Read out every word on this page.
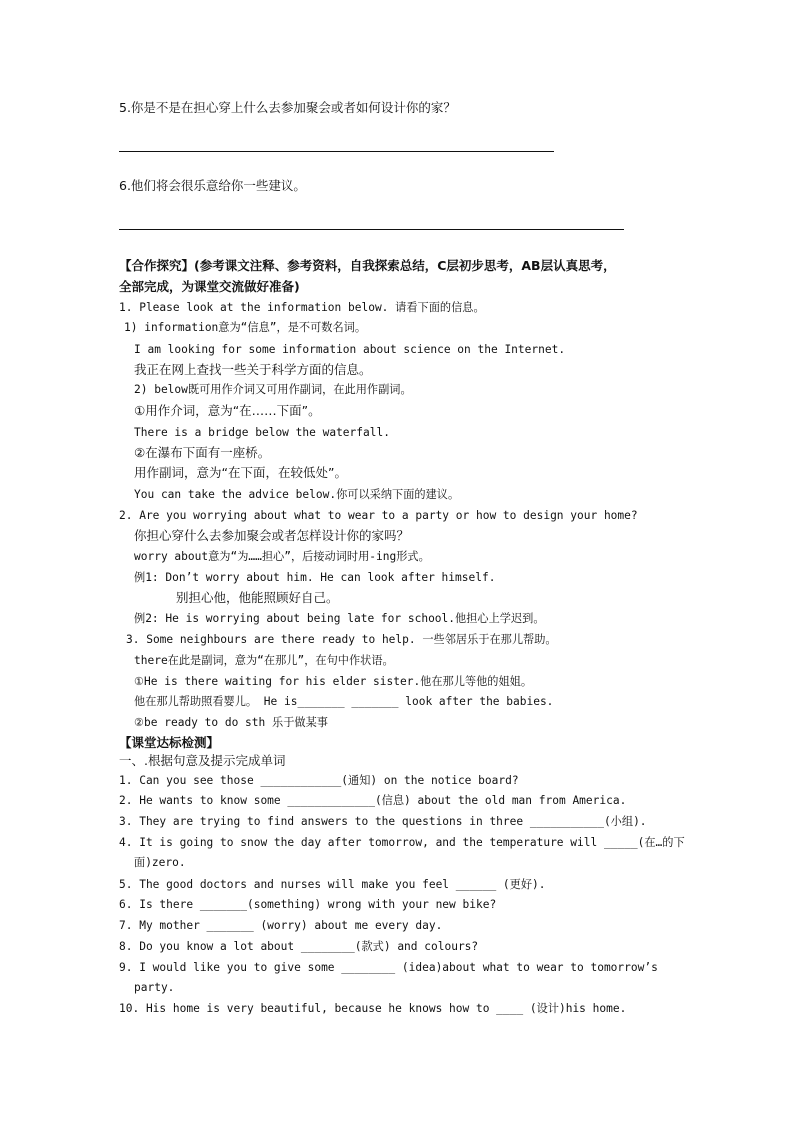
5.你是不是在担心穿上什么去参加聚会或者如何设计你的家？
6.他们将会很乐意给你一些建议。
【合作探究】(参考课文注释、参考资料，自我探索总结，C层初步思考，AB层认真思考，
全部完成，为课堂交流做好准备)
1. Please look at the information below. 请看下面的信息。
1) information意为“信息”，是不可数名词。
I am looking for some information about science on the Internet.
我正在网上查找一些关于科学方面的信息。
2) below既可用作介词又可用作副词，在此用作副词。
①用作介词，意为“在……下面”。
There is a bridge below the waterfall.
②在瀑布下面有一座桥。
用作副词，意为“在下面，在较低处”。
You can take the advice below.你可以采纳下面的建议。
2. Are you worrying about what to wear to a party or how to design your home?
你担心穿什么去参加聚会或者怎样设计你的家吗？
worry about意为“为……担心”，后接动词时用-ing形式。
例1: Don’t worry about him. He can look after himself.
别担心他，他能照顾好自己。
例2: He is worrying about being late for school.他担心上学迟到。
3. Some neighbours are there ready to help. 一些邻居乐于在那儿帮助。
there在此是副词，意为“在那儿”，在句中作状语。
①He is there waiting for his elder sister.他在那儿等他的姐姐。
他在那儿帮助照看婴儿。 He is_______ _______ look after the babies.
②be ready to do sth 乐于做某事
【课堂达标检测】
一、.根据句意及提示完成单词
1. Can you see those ____________(通知) on the notice board?
2. He wants to know some _____________(信息) about the old man from America.
3. They are trying to find answers to the questions in three ___________(小组).
4. It is going to snow the day after tomorrow, and the temperature will _____(在…的下
面)zero.
5. The good doctors and nurses will make you feel ______ (更好).
6. Is there _______(something) wrong with your new bike?
7. My mother _______ (worry) about me every day.
8. Do you know a lot about ________(款式) and colours?
9. I would like you to give some ________ (idea)about what to wear to tomorrow’s
party.
10. His home is very beautiful, because he knows how to ____ (设计)his home.
